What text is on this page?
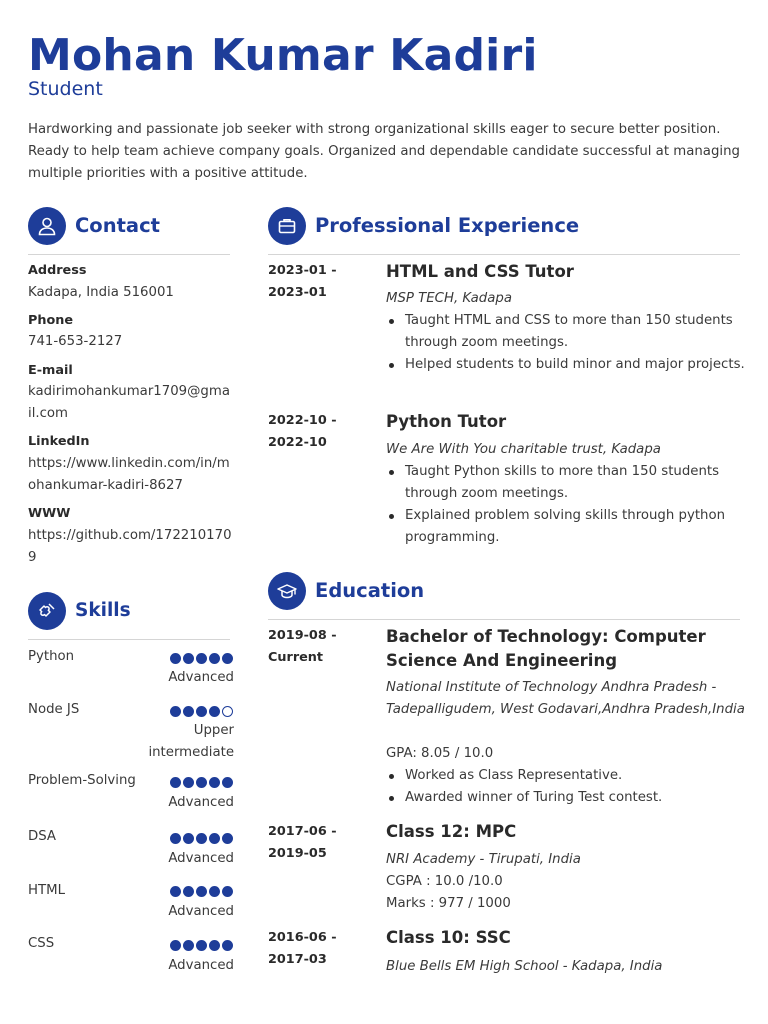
Mohan Kumar Kadiri
Student
Hardworking and passionate job seeker with strong organizational skills eager to secure better position. Ready to help team achieve company goals. Organized and dependable candidate successful at managing multiple priorities with a positive attitude.
Contact
Address
Kadapa, India 516001
Phone
741-653-2127
E-mail
kadirimohankumar1709@gmail.com
LinkedIn
https://www.linkedin.com/in/mohankumar-kadiri-8627
WWW
https://github.com/1722101709
Skills
Python
Advanced
Node JS
Upper intermediate
Problem-Solving
Advanced
DSA
Advanced
HTML
Advanced
CSS
Advanced
Professional Experience
2023-01 -
2023-01
HTML and CSS Tutor
MSP TECH, Kadapa
Taught HTML and CSS to more than 150 students through zoom meetings.
Helped students to build minor and major projects.
2022-10 -
2022-10
Python Tutor
We Are With You charitable trust, Kadapa
Taught Python skills to more than 150 students through zoom meetings.
Explained problem solving skills through python programming.
Education
2019-08 -
Current
Bachelor of Technology: Computer Science And Engineering
National Institute of Technology Andhra Pradesh - Tadepalligudem, West Godavari,Andhra Pradesh,India
GPA: 8.05 / 10.0
Worked as Class Representative.
Awarded winner of Turing Test contest.
2017-06 -
2019-05
Class 12: MPC
NRI Academy - Tirupati, India
CGPA : 10.0 /10.0
Marks : 977 / 1000
2016-06 -
2017-03
Class 10: SSC
Blue Bells EM High School - Kadapa, India
